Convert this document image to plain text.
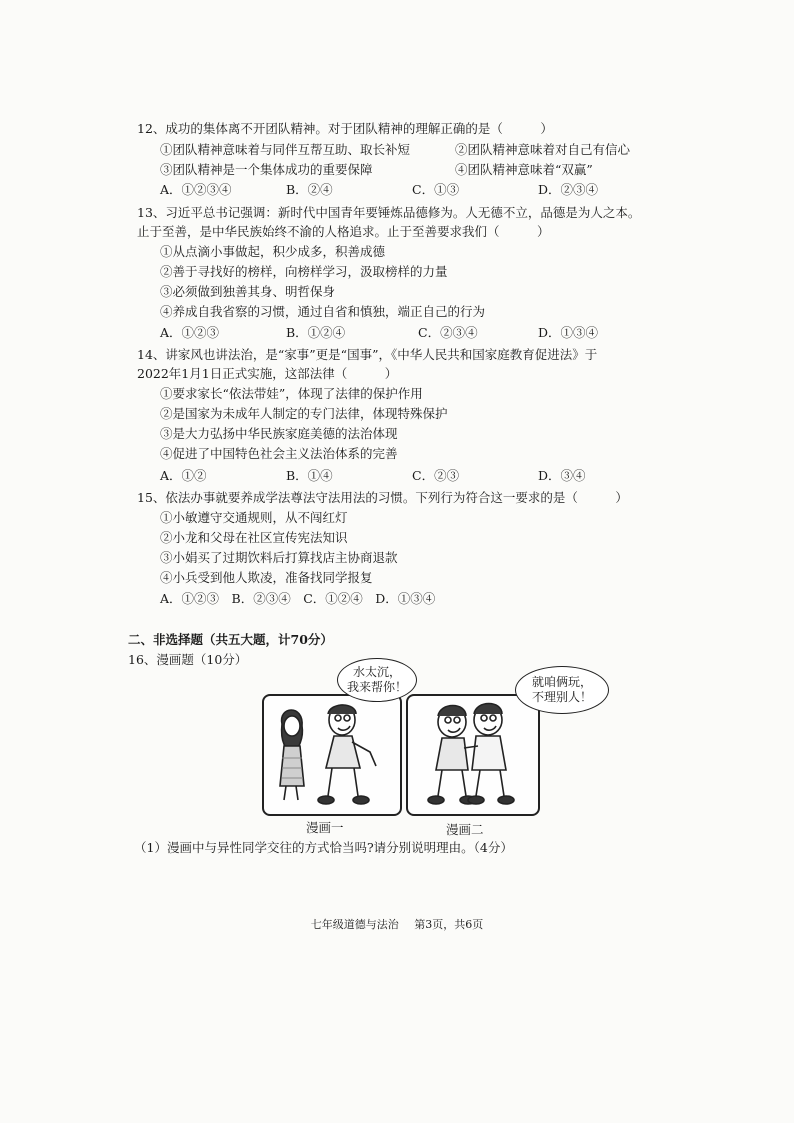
12、成功的集体离不开团队精神。对于团队精神的理解正确的是（　　　）
①团队精神意味着与同伴互帮互助、取长补短	②团队精神意味着对自己有信心
③团队精神是一个集体成功的重要保障	④团队精神意味着“双赢”
A．①②③④	B．②④	C．①③	D．②③④
13、习近平总书记强调：新时代中国青年要锤炼品德修为。人无德不立，品德是为人之本。
止于至善，是中华民族始终不渝的人格追求。止于至善要求我们（　　　）
①从点滴小事做起，积少成多，积善成德
②善于寻找好的榜样，向榜样学习，汲取榜样的力量
③必须做到独善其身、明哲保身
④养成自我省察的习惯，通过自省和慎独，端正自己的行为
A．①②③	B．①②④	C．②③④	D．①③④
14、讲家风也讲法治，是“家事”更是“国事”，《中华人民共和国家庭教育促进法》于
2022年1月1日正式实施，这部法律（　　　）
①要求家长“依法带娃”，体现了法律的保护作用
②是国家为未成年人制定的专门法律，体现特殊保护
③是大力弘扬中华民族家庭美德的法治体现
④促进了中国特色社会主义法治体系的完善
A．①②	B．①④	C．②③	D．③④
15、依法办事就要养成学法尊法守法用法的习惯。下列行为符合这一要求的是（　　　）
①小敏遵守交通规则，从不闯红灯
②小龙和父母在社区宣传宪法知识
③小娟买了过期饮料后打算找店主协商退款
④小兵受到他人欺凌，准备找同学报复
A．①②③　B．②③④　C．①②④　D．①③④
二、非选择题（共五大题，计70分）
16、漫画题（10分）
水太沉，
我来帮你！	就咱俩玩，
不理别人！
漫画一	漫画二
（1）漫画中与异性同学交往的方式恰当吗?请分别说明理由。（4分）
七年级道德与法治 第3页，共6页
